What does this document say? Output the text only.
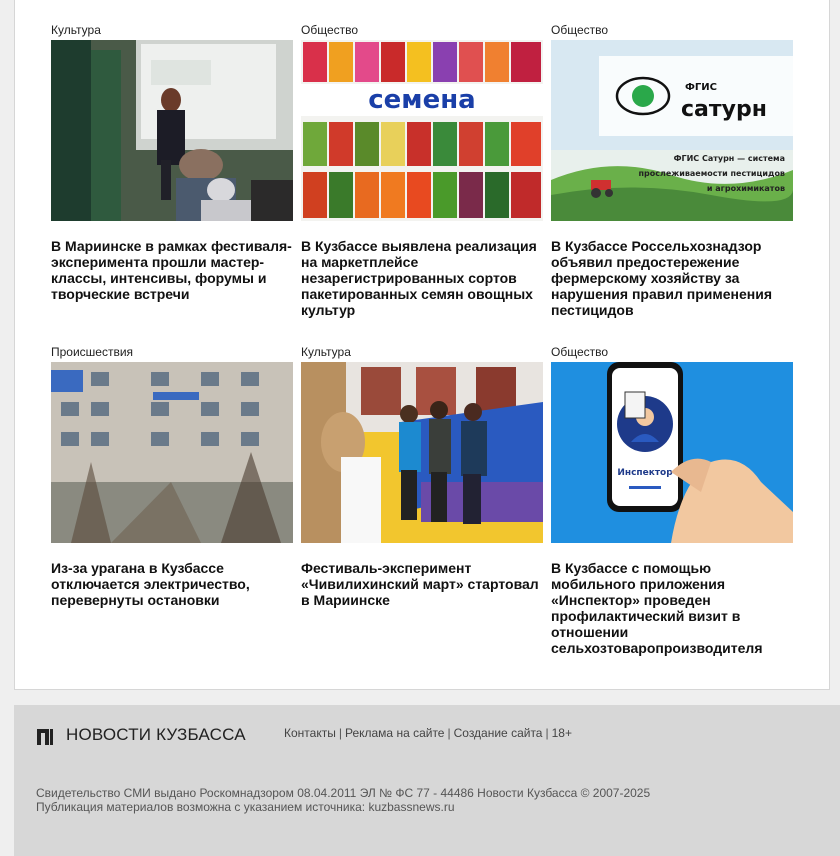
Культура
В Мариинске в рамках фестиваля-эксперимента прошли мастер-классы, интенсивы, форумы и творческие встречи
Общество
семена
В Кузбассе выявлена реализация на маркетплейсе незарегистрированных сортов пакетированных семян овощных культур
Общество
ФГИС
сатурн
ФГИС Сатурн — система
прослеживаемости пестицидов
и агрохимикатов
В Кузбассе Россельхознадзор объявил предостережение фермерскому хозяйству за нарушения правил применения пестицидов
Происшествия
Из-за урагана в Кузбассе отключается электричество, перевернуты остановки
Культура
Фестиваль-эксперимент «Чивилихинский март» стартовал в Мариинске
Общество
Инспектор
В Кузбассе с помощью мобильного приложения «Инспектор» проведен профилактический визит в отношении сельхозтоваропроизводителя
НОВОСТИ КУЗБАССА	Контакты | Реклама на сайте | Создание сайта | 18+
Свидетельство СМИ выдано Роскомнадзором 08.04.2011 ЭЛ № ФС 77 - 44486 Новости Кузбасса © 2007-2025
Публикация материалов возможна с указанием источника: kuzbassnews.ru
